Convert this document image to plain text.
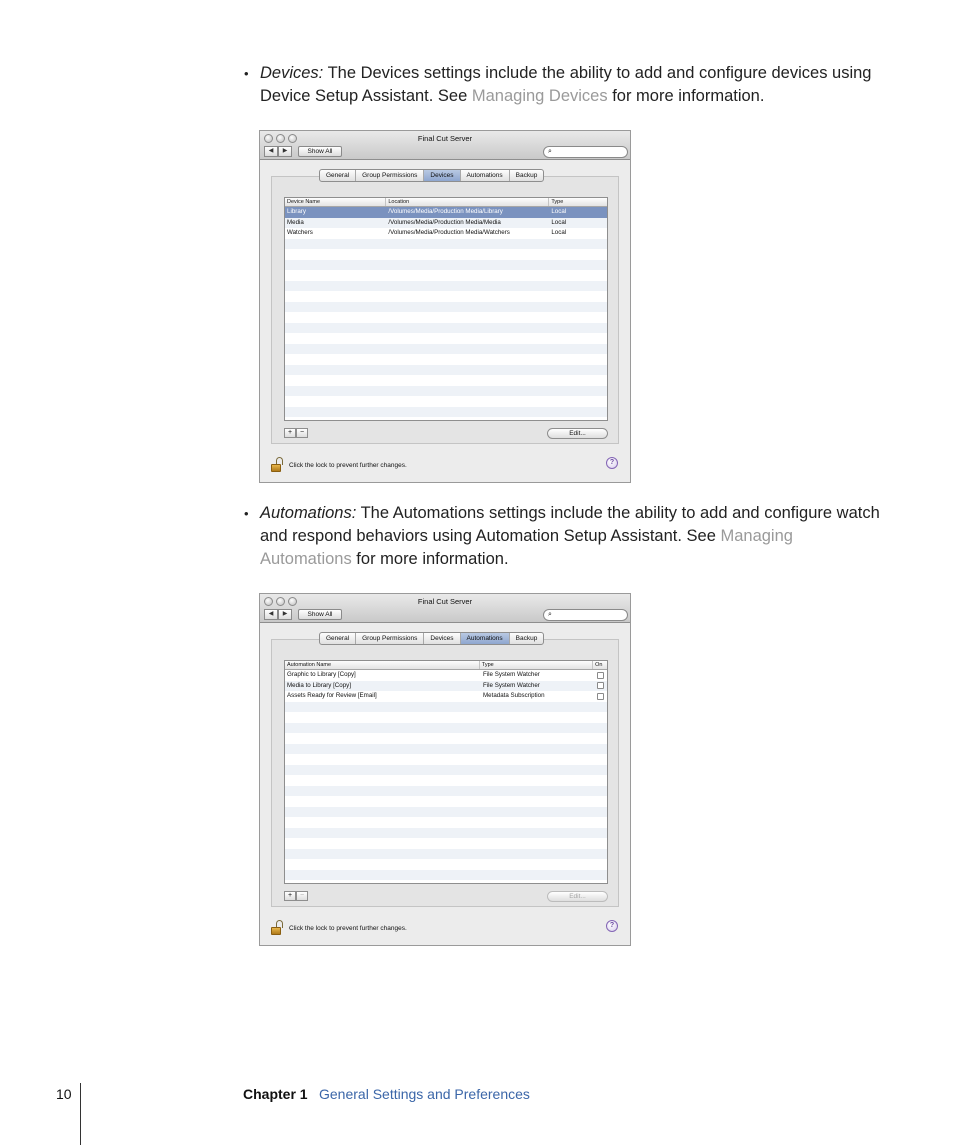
• Devices: The Devices settings include the ability to add and configure devices using Device Setup Assistant. See Managing Devices for more information.
Final Cut Server
◀	▶	Show All	⌕
General	Group Permissions	Devices	Automations	Backup
Device Name	Location	Type
Library	/Volumes/Media/Production Media/Library	Local
Media	/Volumes/Media/Production Media/Media	Local
Watchers	/Volumes/Media/Production Media/Watchers	Local
+	−	Edit...
Click the lock to prevent further changes.	?
• Automations: The Automations settings include the ability to add and configure watch and respond behaviors using Automation Setup Assistant. See Managing Automations for more information.
Final Cut Server
◀	▶	Show All	⌕
General	Group Permissions	Devices	Automations	Backup
Automation Name	Type	On
Graphic to Library [Copy]	File System Watcher
Media to Library [Copy]	File System Watcher
Assets Ready for Review [Email]	Metadata Subscription
+	−	Edit...
Click the lock to prevent further changes.	?
10	Chapter 1 General Settings and Preferences
